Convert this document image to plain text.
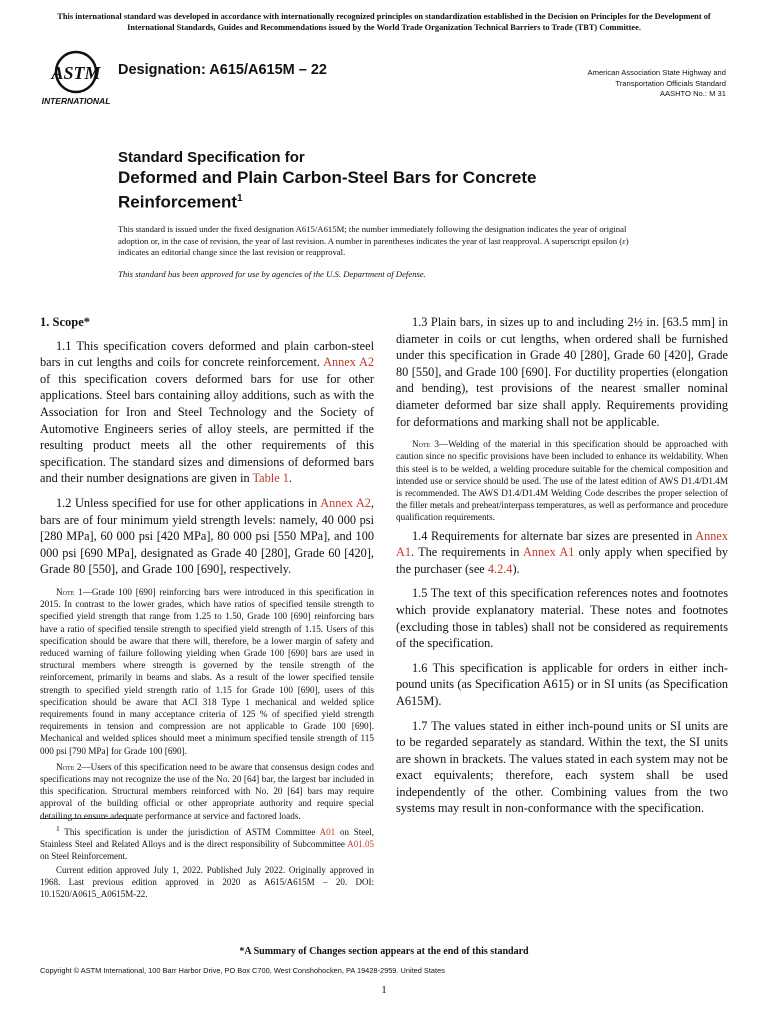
This international standard was developed in accordance with internationally recognized principles on standardization established in the Decision on Principles for the Development of International Standards, Guides and Recommendations issued by the World Trade Organization Technical Barriers to Trade (TBT) Committee.
ASTM
INTERNATIONAL
Designation: A615/A615M – 22	American Association State Highway and
Transportation Officials Standard
AASHTO No.: M 31
Standard Specification for
Deformed and Plain Carbon-Steel Bars for Concrete
Reinforcement$^1$
This standard is issued under the fixed designation A615/A615M; the number immediately following the designation indicates the year of original adoption or, in the case of revision, the year of last revision. A number in parentheses indicates the year of last reapproval. A superscript epsilon (ε) indicates an editorial change since the last revision or reapproval.
This standard has been approved for use by agencies of the U.S. Department of Defense.
1. Scope*

1.1 This specification covers deformed and plain carbon-steel bars in cut lengths and coils for concrete reinforcement. Annex A2 of this specification covers deformed bars for use for other applications. Steel bars containing alloy additions, such as with the Association for Iron and Steel Technology and the Society of Automotive Engineers series of alloy steels, are permitted if the resulting product meets all the other requirements of this specification. The standard sizes and dimensions of deformed bars and their number designations are given in Table 1.

1.2 Unless specified for use for other applications in Annex A2, bars are of four minimum yield strength levels: namely, 40 000 psi [280 MPa], 60 000 psi [420 MPa], 80 000 psi [550 MPa], and 100 000 psi [690 MPa], designated as Grade 40 [280], Grade 60 [420], Grade 80 [550], and Grade 100 [690], respectively.

Note 1—Grade 100 [690] reinforcing bars were introduced in this specification in 2015. In contrast to the lower grades, which have ratios of specified tensile strength to specified yield strength that range from 1.25 to 1.50, Grade 100 [690] reinforcing bars have a ratio of specified tensile strength to specified yield strength of 1.15. Users of this specification should be aware that there will, therefore, be a lower margin of safety and reduced warning of failure following yielding when Grade 100 [690] bars are used in structural members where strength is governed by the tensile strength of the reinforcement, primarily in beams and slabs. As a result of the lower specified tensile strength to specified yield strength ratio of 1.15 for Grade 100 [690], users of this specification should be aware that ACI 318 Type 1 mechanical and welded splice requirements found in many acceptance criteria of 125 % of specified yield strength requirements in tension and compression are not applicable to Grade 100 [690]. Mechanical and welded splices should meet a minimum specified tensile strength of 115 000 psi [790 MPa] for Grade 100 [690].

Note 2—Users of this specification need to be aware that consensus design codes and specifications may not recognize the use of the No. 20 [64] bar, the largest bar included in this specification. Structural members reinforced with No. 20 [64] bars may require approval of the building official or other appropriate authority and require special detailing to ensure adequate performance at service and factored loads.

1.3 Plain bars, in sizes up to and including 2½ in. [63.5 mm] in diameter in coils or cut lengths, when ordered shall be furnished under this specification in Grade 40 [280], Grade 60 [420], Grade 80 [550], and Grade 100 [690]. For ductility properties (elongation and bending), test provisions of the nearest smaller nominal diameter deformed bar size shall apply. Requirements providing for deformations and marking shall not be applicable.

Note 3—Welding of the material in this specification should be approached with caution since no specific provisions have been included to enhance its weldability. When this steel is to be welded, a welding procedure suitable for the chemical composition and intended use or service should be used. The use of the latest edition of AWS D1.4/D1.4M is recommended. The AWS D1.4/D1.4M Welding Code describes the proper selection of the filler metals and preheat/interpass temperatures, as well as performance and procedure qualification requirements.

1.4 Requirements for alternate bar sizes are presented in Annex A1. The requirements in Annex A1 only apply when specified by the purchaser (see 4.2.4).

1.5 The text of this specification references notes and footnotes which provide explanatory material. These notes and footnotes (excluding those in tables) shall not be considered as requirements of the specification.

1.6 This specification is applicable for orders in either inch-pound units (as Specification A615) or in SI units (as Specification A615M).

1.7 The values stated in either inch-pound units or SI units are to be regarded separately as standard. Within the text, the SI units are shown in brackets. The values stated in each system may not be exact equivalents; therefore, each system shall be used independently of the other. Combining values from the two systems may result in non-conformance with the specification.

$^1$ This specification is under the jurisdiction of ASTM Committee A01 on Steel, Stainless Steel and Related Alloys and is the direct responsibility of Subcommittee A01.05 on Steel Reinforcement.

Current edition approved July 1, 2022. Published July 2022. Originally approved in 1968. Last previous edition approved in 2020 as A615/A615M – 20. DOI: 10.1520/A0615_A0615M-22.

*A Summary of Changes section appears at the end of this standard
Copyright © ASTM International, 100 Barr Harbor Drive, PO Box C700, West Conshohocken, PA 19428-2959. United States
1
